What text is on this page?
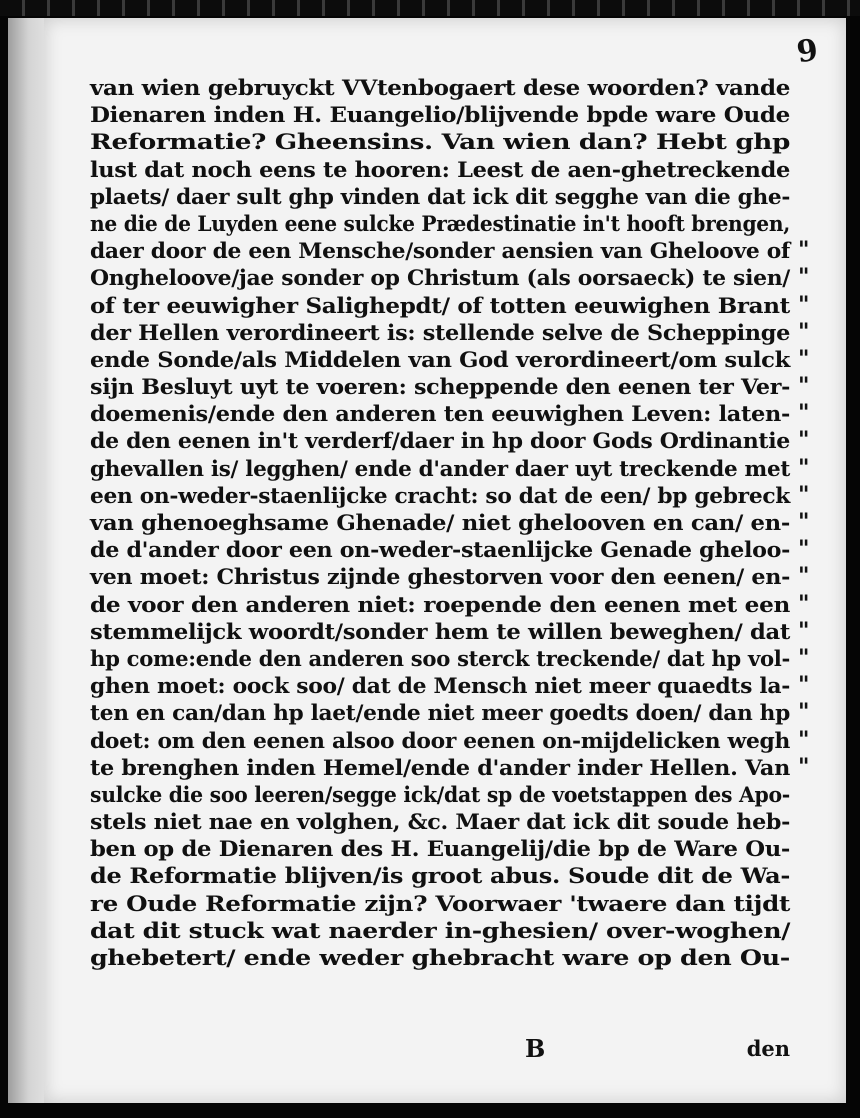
9
van wien gebruyckt VVtenbogaert dese woorden? vande
Dienaren inden H. Euangelio/blijvende bpde ware Oude
Reformatie? Gheensins. Van wien dan? Hebt ghp
lust dat noch eens te hooren: Leest de aen-ghetreckende
plaets/ daer sult ghp vinden dat ick dit segghe van die ghe-
ne die de Luyden eene sulcke Prædestinatie in't hooft brengen,
daer door de een Mensche/sonder aensien van Gheloove of "
Ongheloove/jae sonder op Christum (als oorsaeck) te sien/ "
of ter eeuwigher Salighepdt/ of totten eeuwighen Brant "
der Hellen verordineert is: stellende selve de Scheppinge "
ende Sonde/als Middelen van God verordineert/om sulck "
sijn Besluyt uyt te voeren: scheppende den eenen ter Ver- "
doemenis/ende den anderen ten eeuwighen Leven: laten- "
de den eenen in't verderf/daer in hp door Gods Ordinantie "
ghevallen is/ legghen/ ende d'ander daer uyt treckende met "
een on-weder-staenlijcke cracht: so dat de een/ bp gebreck "
van ghenoeghsame Ghenade/ niet ghelooven en can/ en- "
de d'ander door een on-weder-staenlijcke Genade gheloo- "
ven moet: Christus zijnde ghestorven voor den eenen/ en- "
de voor den anderen niet: roepende den eenen met een "
stemmelijck woordt/sonder hem te willen beweghen/ dat "
hp come:ende den anderen soo sterck treckende/ dat hp vol- "
ghen moet: oock soo/ dat de Mensch niet meer quaedts la- "
ten en can/dan hp laet/ende niet meer goedts doen/ dan hp "
doet: om den eenen alsoo door eenen on-mijdelicken wegh "
te brenghen inden Hemel/ende d'ander inder Hellen. Van "
sulcke die soo leeren/segge ick/dat sp de voetstappen des Apo-
stels niet nae en volghen, &c. Maer dat ick dit soude heb-
ben op de Dienaren des H. Euangelij/die bp de Ware Ou-
de Reformatie blijven/is groot abus. Soude dit de Wa-
re Oude Reformatie zijn? Voorwaer 'twaere dan tijdt
dat dit stuck wat naerder in-ghesien/ over-woghen/
ghebetert/ ende weder ghebracht ware op den Ou-
B	den
